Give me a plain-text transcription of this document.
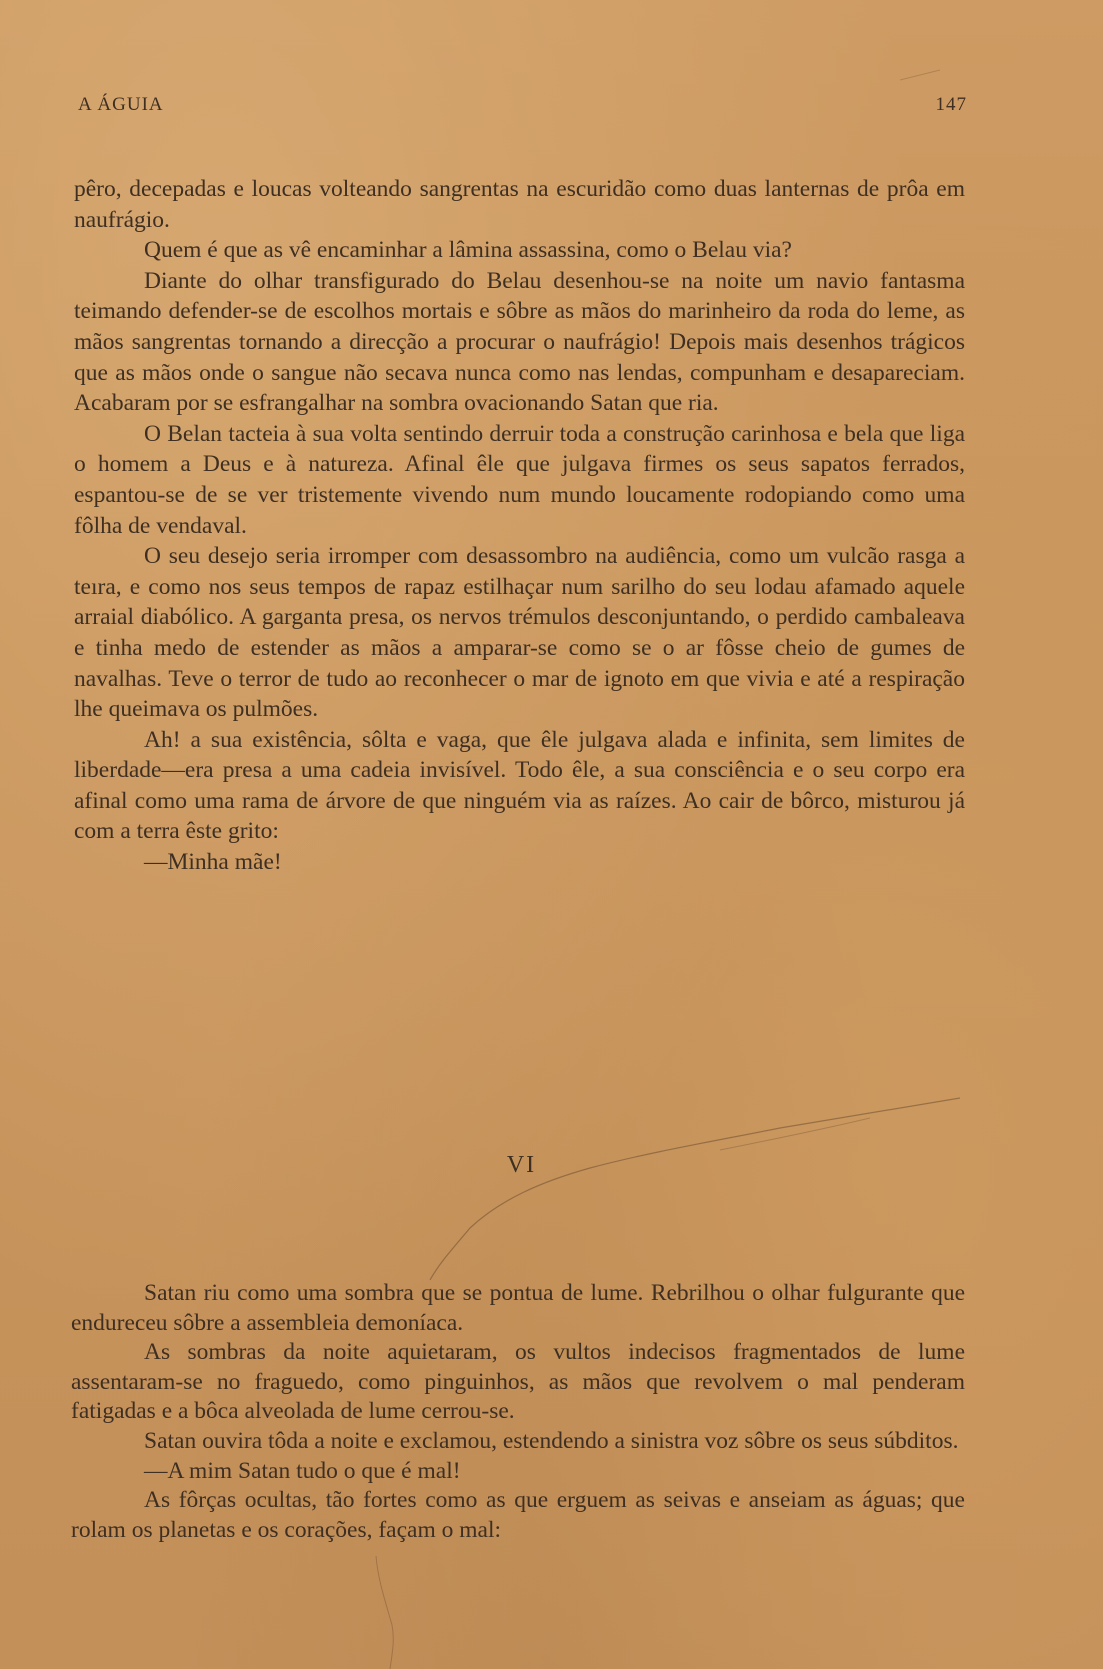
A ÁGUIA	147

pêro, decepadas e loucas volteando sangrentas na escuridão como duas lanternas de prôa em naufrágio.

Quem é que as vê encaminhar a lâmina assassina, como o Belau via?

Diante do olhar transfigurado do Belau desenhou-se na noite um navio fantasma teimando defender-se de escolhos mortais e sôbre as mãos do marinheiro da roda do leme, as mãos sangrentas tornando a direcção a procurar o naufrágio! Depois mais desenhos trágicos que as mãos onde o sangue não secava nunca como nas lendas, compunham e desapareciam. Acabaram por se esfrangalhar na sombra ovacionando Satan que ria.

O Belan tacteia à sua volta sentindo derruir toda a construção carinhosa e bela que liga o homem a Deus e à natureza. Afinal êle que julgava firmes os seus sapatos ferrados, espantou-se de se ver tristemente vivendo num mundo loucamente rodopiando como uma fôlha de vendaval.

O seu desejo seria irromper com desassombro na audiência, como um vulcão rasga a teıra, e como nos seus tempos de rapaz estilhaçar num sarilho do seu lodau afamado aquele arraial diabólico. A garganta presa, os nervos trémulos desconjuntando, o perdido cambaleava e tinha medo de estender as mãos a amparar-se como se o ar fôsse cheio de gumes de navalhas. Teve o terror de tudo ao reconhecer o mar de ignoto em que vivia e até a respiração lhe queimava os pulmões.

Ah! a sua existência, sôlta e vaga, que êle julgava alada e infinita, sem limites de liberdade—era presa a uma cadeia invisível. Todo êle, a sua consciência e o seu corpo era afinal como uma rama de árvore de que ninguém via as raízes. Ao cair de bôrco, misturou já com a terra êste grito:

—Minha mãe!

VI

Satan riu como uma sombra que se pontua de lume. Rebrilhou o olhar fulgurante que endureceu sôbre a assembleia demoníaca.

As sombras da noite aquietaram, os vultos indecisos fragmentados de lume assentaram-se no fraguedo, como pinguinhos, as mãos que revolvem o mal penderam fatigadas e a bôca alveolada de lume cerrou-se.

Satan ouvira tôda a noite e exclamou, estendendo a sinistra voz sôbre os seus súbditos.

—A mim Satan tudo o que é mal!

As fôrças ocultas, tão fortes como as que erguem as seivas e anseiam as águas; que rolam os planetas e os corações, façam o mal:
